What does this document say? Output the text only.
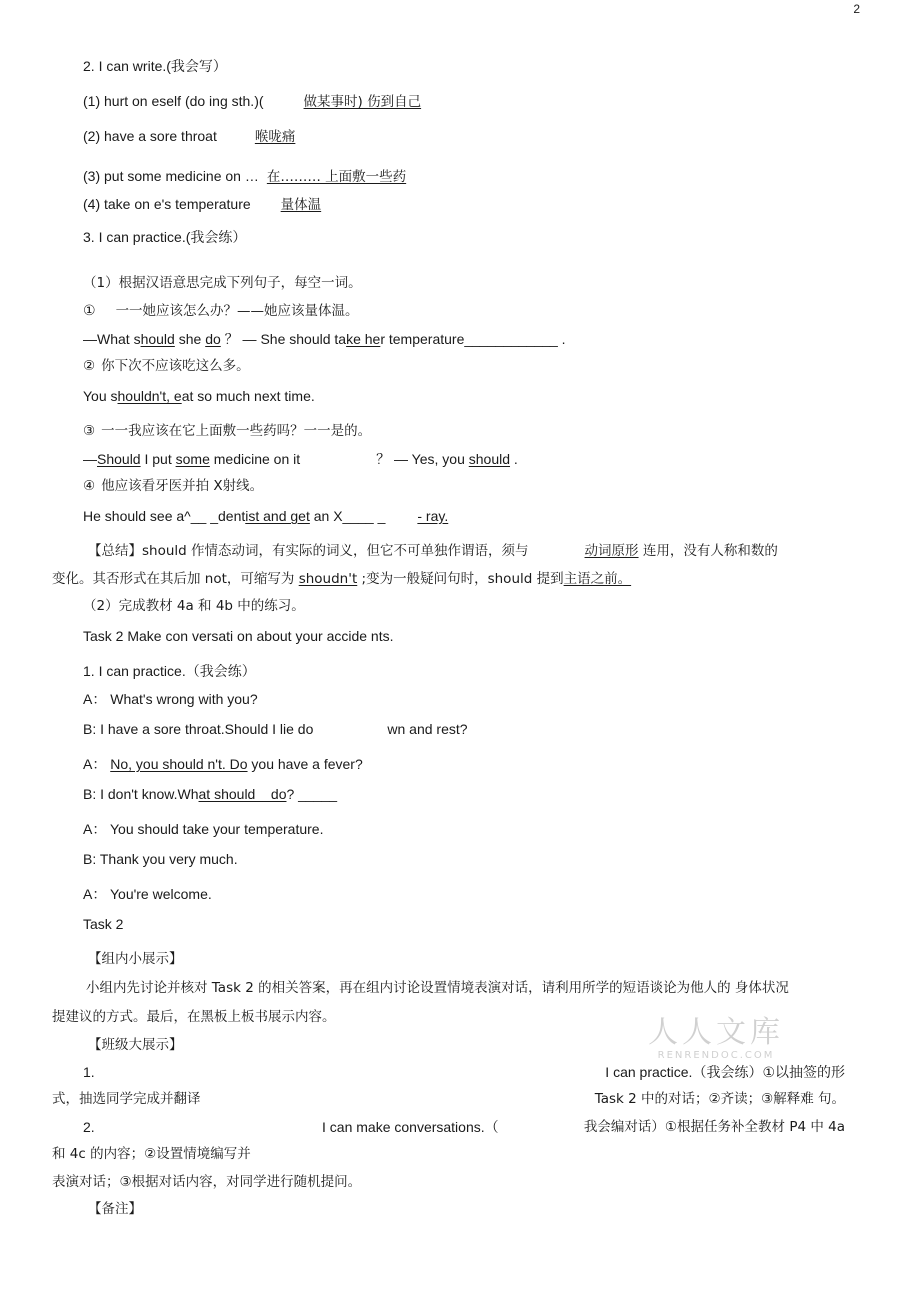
2
2. I can write.(我会写）
(1) hurt on eself (do ing sth.)(	做某事时) 伤到自己
(2) have a sore throat	喉咙痛
(3) put some medicine on … 在……… 上面敷一些药
(4) take on e's temperature 量体温
3. I can practice.(我会练）
（1）根据汉语意思完成下列句子，每空一词。
① 一一她应该怎么办？——她应该量体温。
—What should she do ？ — She should take her temperature____________ .
② 你下次不应该吃这么多。
You shouldn't, eat so much next time.
③ 一一我应该在它上面敷一些药吗？一一是的。
—Should I put some medicine on it	？ — Yes, you should .
④ 他应该看牙医并拍 X射线。
He should see a^__ _dentist and get an X____ _ - ray.
【总结】should 作情态动词，有实际的词义，但它不可单独作谓语，须与	动词原形 连用，没有人称和数的
变化。其否形式在其后加 not，可缩写为 shoudn't ;变为一般疑问句时，should 提到主语之前。
（2）完成教材 4a 和 4b 中的练习。
Task 2 Make con versati on about your accide nts.
1. I can practice.（我会练）
A： What's wrong with you?
B: I have a sore throat.Should I lie do	wn and rest?
A： No, you should n't. Do you have a fever?
B: I don't know.What should__do? _____
A： You should take your temperature.
B: Thank you very much.
A： You're welcome.
Task 2
【组内小展示】
小组内先讨论并核对 Task 2 的相关答案，再在组内讨论设置情境表演对话，请利用所学的短语谈论为他人的 身体状况
提建议的方式。最后，在黑板上板书展示内容。	人人文库
RENRENDOC.COM
【班级大展示】
1.	I can practice.（我会练）①以抽签的形
式，抽选同学完成并翻译	Task 2 中的对话；②齐读；③解释难 句。
2.	I can make conversations.（	我会编对话）①根据任务补全教材 P4 中 4a
和 4c 的内容；②设置情境编写并
表演对话；③根据对话内容，对同学进行随机提问。
【备注】
